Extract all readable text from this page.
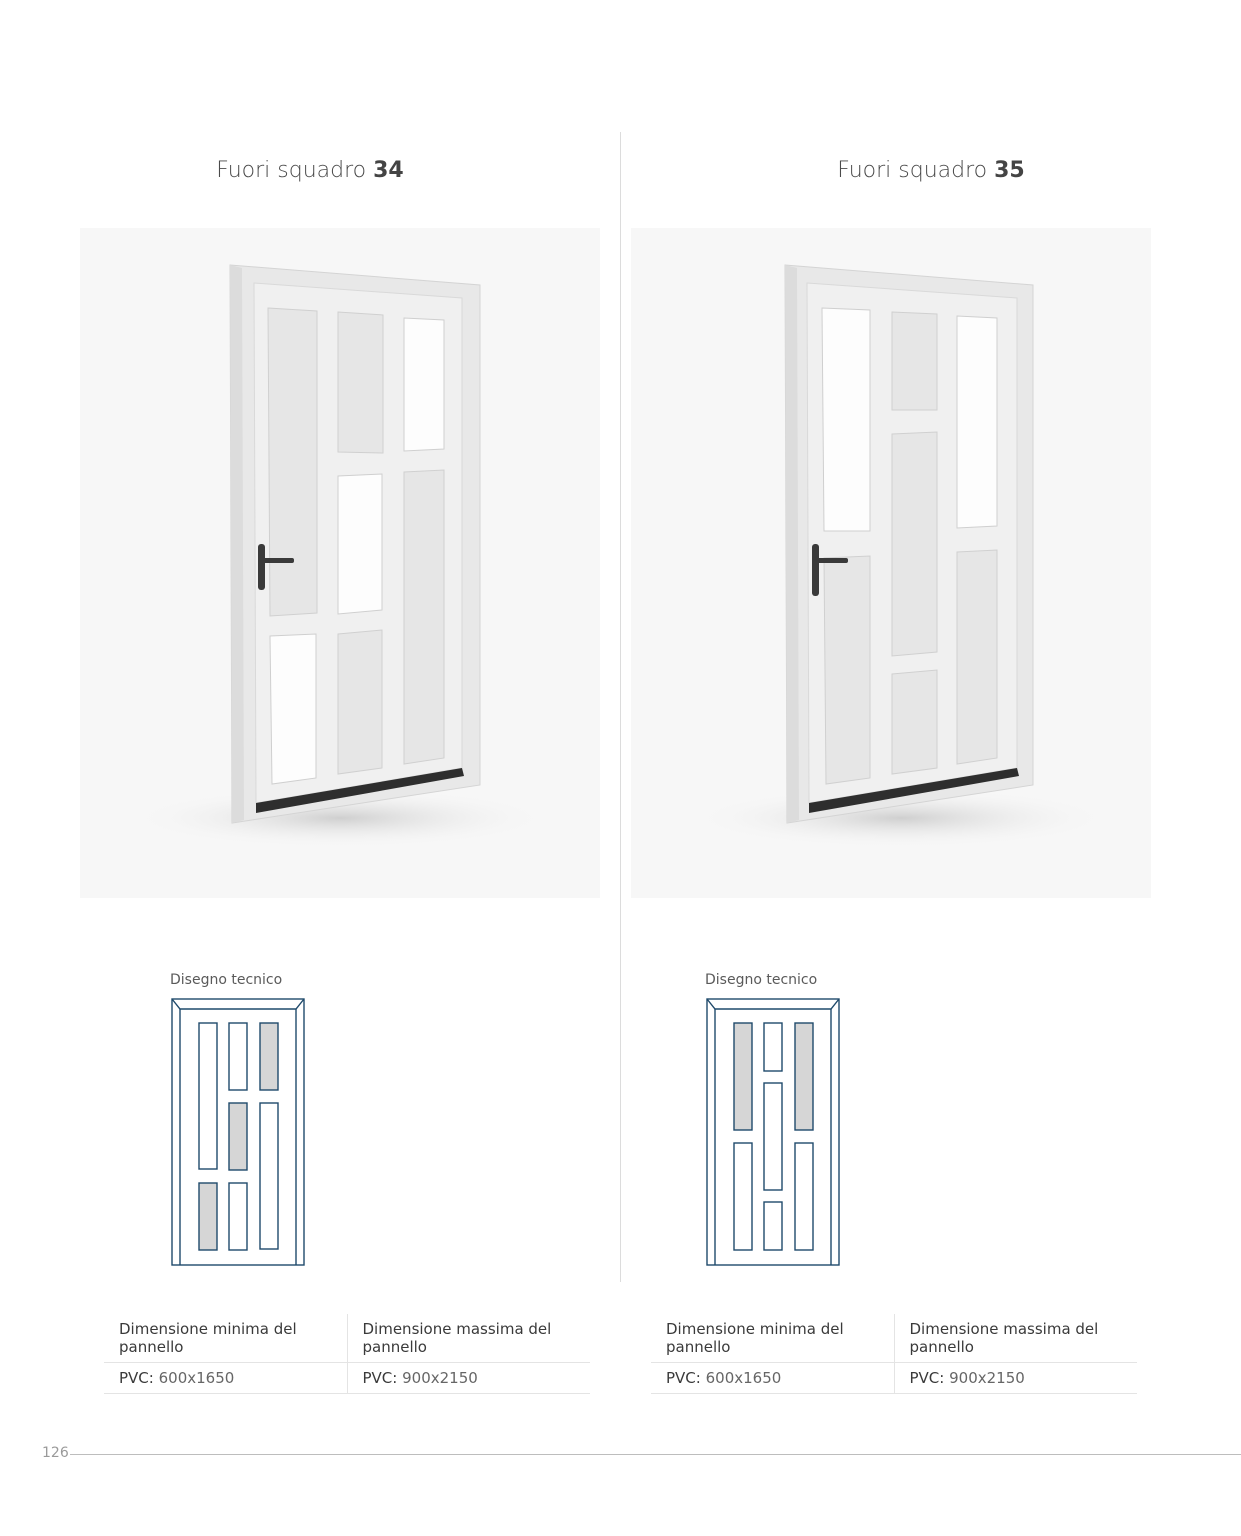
Fuori squadro 34
Disegno tecnico
Dimensione minima del pannello	Dimensione massima del pannello
PVC: 600x1650	PVC: 900x2150
Fuori squadro 35
Disegno tecnico
Dimensione minima del pannello	Dimensione massima del pannello
PVC: 600x1650	PVC: 900x2150
126
